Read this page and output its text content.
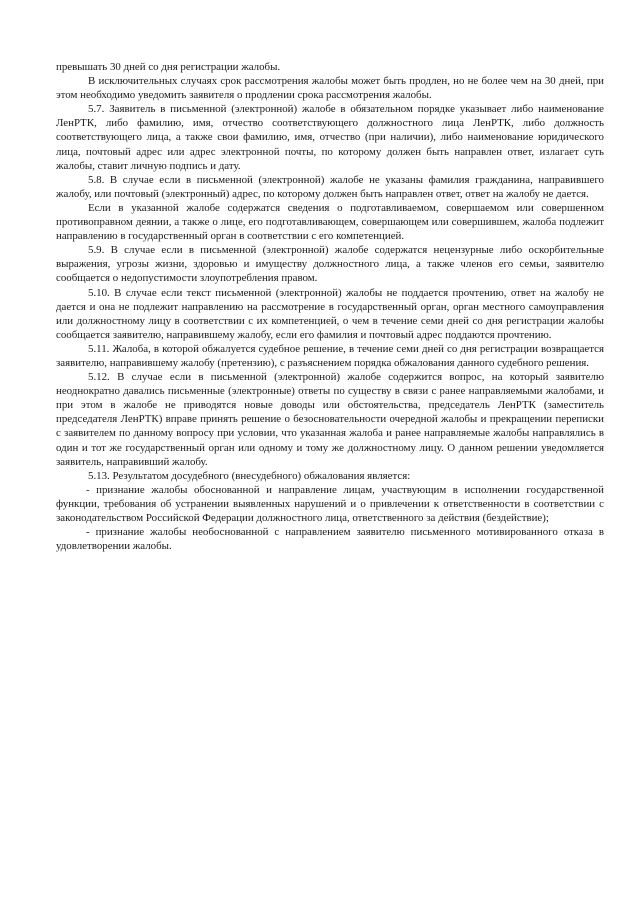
превышать 30 дней со дня регистрации жалобы.

В исключительных случаях срок рассмотрения жалобы может быть продлен, но не более чем на 30 дней, при этом необходимо уведомить заявителя о продлении срока рассмотрения жалобы.

5.7. Заявитель в письменной (электронной) жалобе в обязательном порядке указывает либо наименование ЛенРТК, либо фамилию, имя, отчество соответствующего должностного лица ЛенРТК, либо должность соответствующего лица, а также свои фамилию, имя, отчество (при наличии), либо наименование юридического лица, почтовый адрес или адрес электронной почты, по которому должен быть направлен ответ, излагает суть жалобы, ставит личную подпись и дату.

5.8. В случае если в письменной (электронной) жалобе не указаны фамилия гражданина, направившего жалобу, или почтовый (электронный) адрес, по которому должен быть направлен ответ, ответ на жалобу не дается.

Если в указанной жалобе содержатся сведения о подготавливаемом, совершаемом или совершенном противоправном деянии, а также о лице, его подготавливающем, совершающем или совершившем, жалоба подлежит направлению в государственный орган в соответствии с его компетенцией.

5.9. В случае если в письменной (электронной) жалобе содержатся нецензурные либо оскорбительные выражения, угрозы жизни, здоровью и имуществу должностного лица, а также членов его семьи, заявителю сообщается о недопустимости злоупотребления правом.

5.10. В случае если текст письменной (электронной) жалобы не поддается прочтению, ответ на жалобу не дается и она не подлежит направлению на рассмотрение в государственный орган, орган местного самоуправления или должностному лицу в соответствии с их компетенцией, о чем в течение семи дней со дня регистрации жалобы сообщается заявителю, направившему жалобу, если его фамилия и почтовый адрес поддаются прочтению.

5.11. Жалоба, в которой обжалуется судебное решение, в течение семи дней со дня регистрации возвращается заявителю, направившему жалобу (претензию), с разъяснением порядка обжалования данного судебного решения.

5.12. В случае если в письменной (электронной) жалобе содержится вопрос, на который заявителю неоднократно давались письменные (электронные) ответы по существу в связи с ранее направляемыми жалобами, и при этом в жалобе не приводятся новые доводы или обстоятельства, председатель ЛенРТК (заместитель председателя ЛенРТК) вправе принять решение о безосновательности очередной жалобы и прекращении переписки с заявителем по данному вопросу при условии, что указанная жалоба и ранее направляемые жалобы направлялись в один и тот же государственный орган или одному и тому же должностному лицу. О данном решении уведомляется заявитель, направивший жалобу.

5.13. Результатом досудебного (внесудебного) обжалования является:

- признание жалобы обоснованной и направление лицам, участвующим в исполнении государственной функции, требования об устранении выявленных нарушений и о привлечении к ответственности в соответствии с законодательством Российской Федерации должностного лица, ответственного за действия (бездействие);

- признание жалобы необоснованной с направлением заявителю письменного мотивированного отказа в удовлетворении жалобы.
